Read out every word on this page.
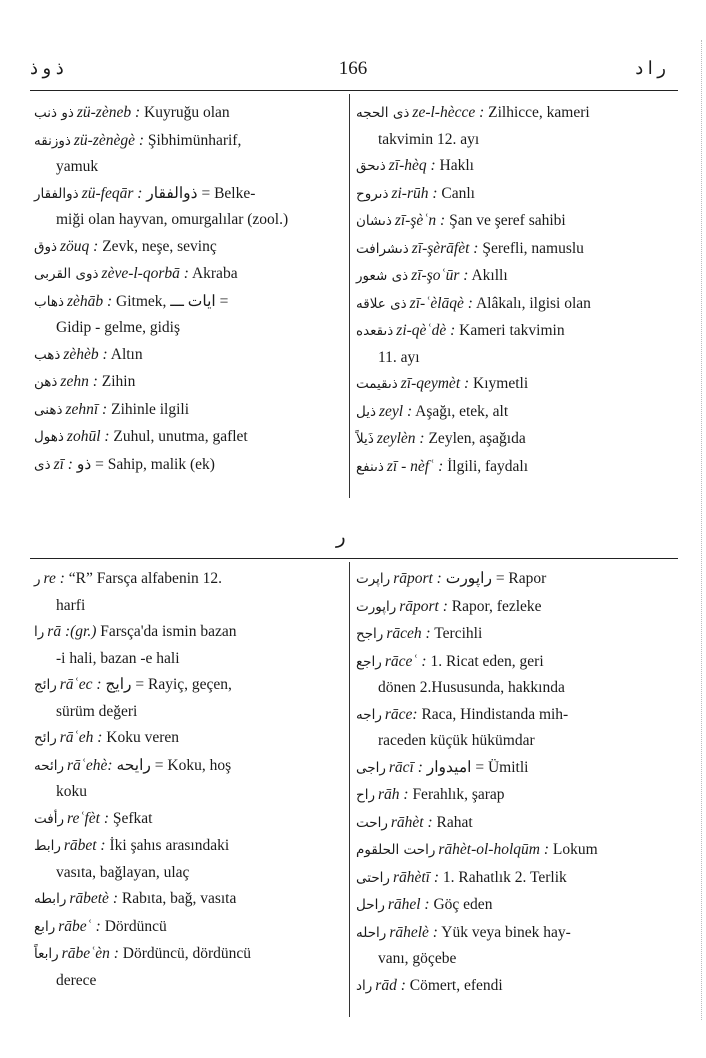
ذ و ذ	166	ر ا د
ذو ذنب zü-zèneb : Kuyruğu olan
ذوزنقه zü-zènègè : Şibhimünharif,
yamuk
ذوالفقار zü-feqār : ذوالفقار = Belke-
miği olan hayvan, omurgalılar (zool.)
ذوق zöuq : Zevk, neşe, sevinç
ذوى القربى zève-l-qorbā : Akraba
ذهاب zèhāb : Gitmek, ايات ـــ =
Gidip - gelme, gidiş
ذهب zèhèb : Altın
ذهن zehn : Zihin
ذهنى zehnī : Zihinle ilgili
ذهول zohūl : Zuhul, unutma, gaflet
ذى zī : ذو = Sahip, malik (ek)
ذى الحجه ze-l-hècce : Zilhicce, kameri
takvimin 12. ayı
ذىحق zī-hèq : Haklı
ذىروح zi-rūh : Canlı
ذىشان zī-şèʿn : Şan ve şeref sahibi
ذىشرافت zī-şèrāfèt : Şerefli, namuslu
ذى شعور zī-şoʿūr : Akıllı
ذى علاقه zī-ʿèlāqè : Alâkalı, ilgisi olan
ذىقعده zi-qèʿdè : Kameri takvimin
11. ayı
ذىقيمت zī-qeymèt : Kıymetli
ذيل zeyl : Aşağı, etek, alt
ذَيلاً zeylèn : Zeylen, aşağıda
ذىنفع zī - nèfʿ : İlgili, faydalı
ر
ر re : “R” Farsça alfabenin 12.
harfi
را rā :(gr.) Farsça'da ismin bazan
-i hali, bazan -e hali
رائج rāʿec : رايج = Rayiç, geçen,
sürüm değeri
رائح rāʿeh : Koku veren
رائحه rāʿehè: رايحه = Koku, hoş
koku
رأفت reʿfèt : Şefkat
رابط rābet : İki şahıs arasındaki
vasıta, bağlayan, ulaç
رابطه rābetè : Rabıta, bağ, vasıta
رابع rābeʿ : Dördüncü
رابعاً rābeʿèn : Dördüncü, dördüncü
derece
راپرت rāport : راپورت = Rapor
راپورت rāport : Rapor, fezleke
راجح rāceh : Tercihli
راجع rāceʿ : 1. Ricat eden, geri
dönen 2.Hususunda, hakkında
راجه rāce: Raca, Hindistanda mih-
raceden küçük hükümdar
راجى rācī : اميدوار = Ümitli
راح rāh : Ferahlık, şarap
راحت rāhèt : Rahat
راحت الحلقوم rāhèt-ol-holqūm : Lokum
راحتى rāhètī : 1. Rahatlık 2. Terlik
راحل rāhel : Göç eden
راحله rāhelè : Yük veya binek hay-
vanı, göçebe
راد rād : Cömert, efendi
